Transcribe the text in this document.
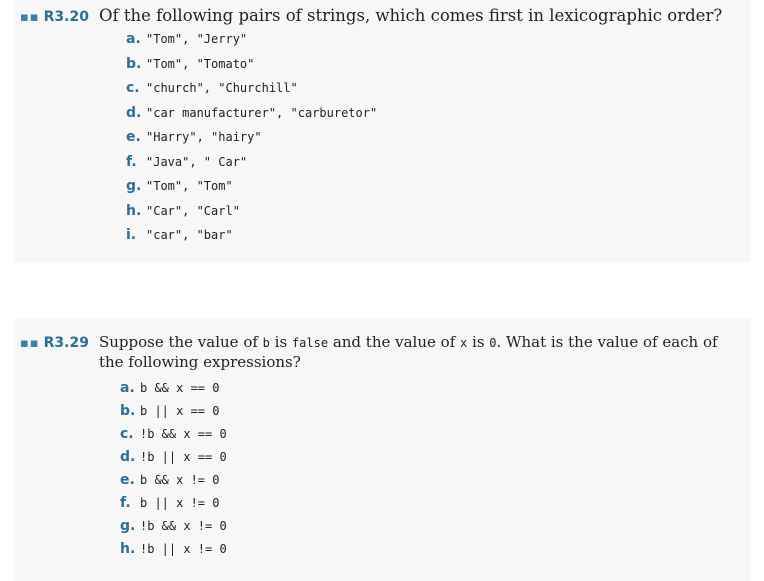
▪▪ R3.20 Of the following pairs of strings, which comes first in lexicographic order?
a. "Tom", "Jerry"
b. "Tom", "Tomato"
c. "church", "Churchill"
d. "car manufacturer", "carburetor"
e. "Harry", "hairy"
f. "Java", " Car"
g. "Tom", "Tom"
h. "Car", "Carl"
i. "car", "bar"
▪▪ R3.29 Suppose the value of b is false and the value of x is 0. What is the value of each of the following expressions?
a. b && x == 0
b. b || x == 0
c. !b && x == 0
d. !b || x == 0
e. b && x != 0
f. b || x != 0
g. !b && x != 0
h. !b || x != 0
